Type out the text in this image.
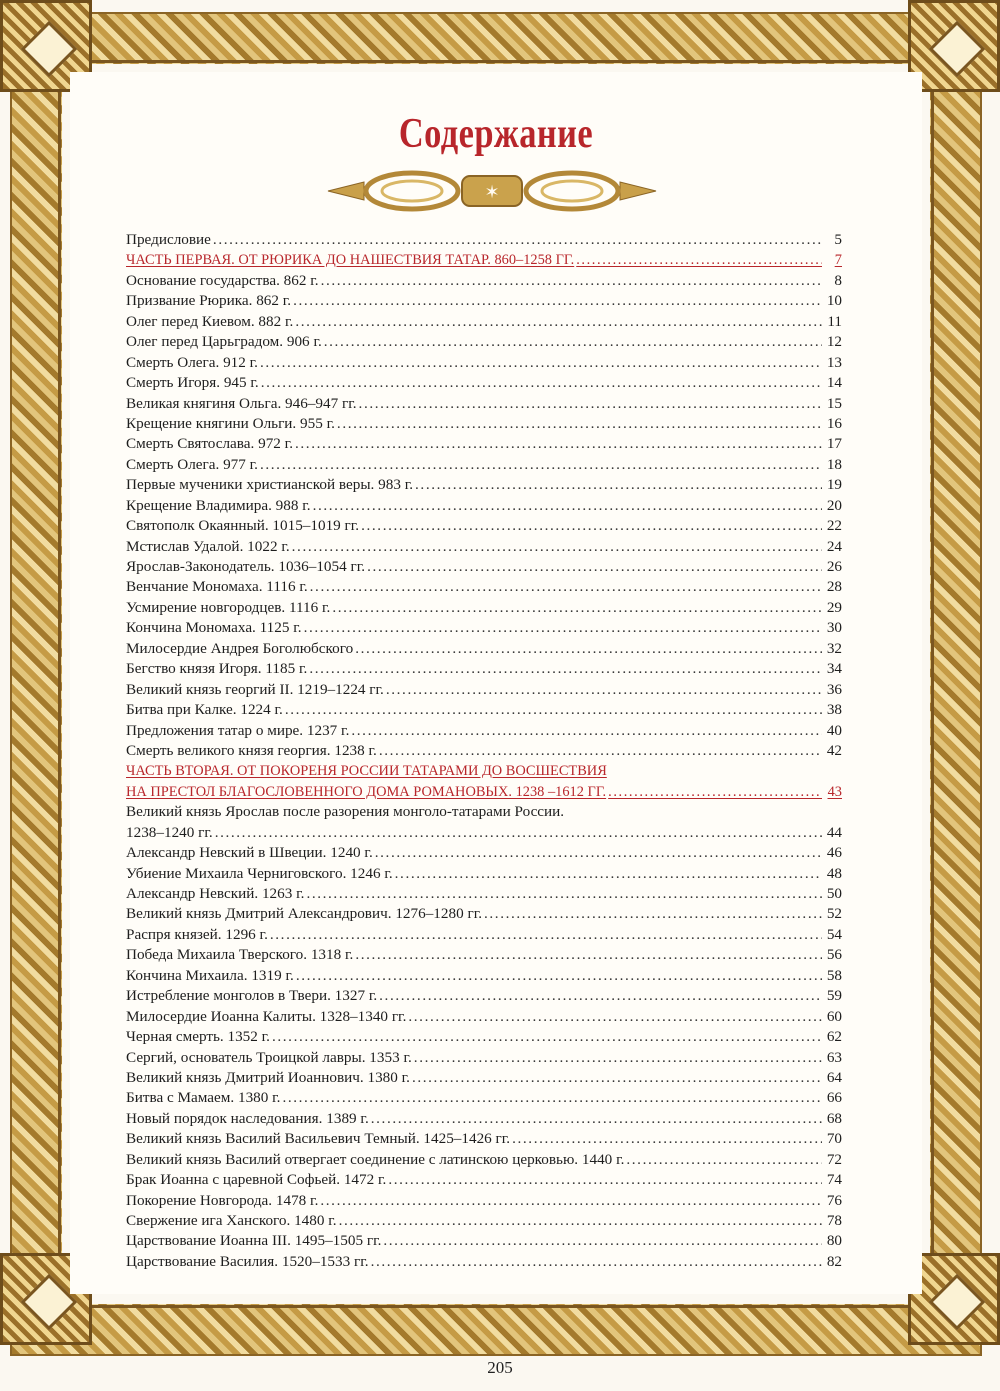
Содержание
✶
Предисловие .....	5
ЧАСТЬ ПЕРВАЯ. ОТ РЮРИКА ДО НАШЕСТВИЯ ТАТАР. 860–1258 ГГ. .....	7
Основание государства. 862 г. .....	8
Призвание Рюрика. 862 г. .....	10
Олег перед Киевом. 882 г. .....	11
Олег перед Царьградом. 906 г. .....	12
Смерть Олега. 912 г. .....	13
Смерть Игоря. 945 г. .....	14
Великая княгиня Ольга. 946–947 гг. .....	15
Крещение княгини Ольги. 955 г. .....	16
Смерть Святослава. 972 г. .....	17
Смерть Олега. 977 г. .....	18
Первые мученики христианской веры. 983 г. .....	19
Крещение Владимира. 988 г. .....	20
Святополк Окаянный. 1015–1019 гг. .....	22
Мстислав Удалой. 1022 г. .....	24
Ярослав-Законодатель. 1036–1054 гг. .....	26
Венчание Мономаха. 1116 г. .....	28
Усмирение новгородцев. 1116 г. .....	29
Кончина Мономаха. 1125 г. .....	30
Милосердие Андрея Боголюбского .....	32
Бегство князя Игоря. 1185 г. .....	34
Великий князь георгий II. 1219–1224 гг. .....	36
Битва при Калке. 1224 г. .....	38
Предложения татар о мире. 1237 г. .....	40
Смерть великого князя георгия. 1238 г. .....	42
ЧАСТЬ ВТОРАЯ. ОТ ПОКОРЕНЯ РОССИИ ТАТАРАМИ ДО ВОСШЕСТВИЯ
НА ПРЕСТОЛ БЛАГОСЛОВЕННОГО ДОМА РОМАНОВЫХ. 1238 –1612 ГГ. .....	43
Великий князь Ярослав после разорения монголо-татарами России.
1238–1240 гг. .....	44
Александр Невский в Швеции. 1240 г. .....	46
Убиение Михаила Черниговского. 1246 г. .....	48
Александр Невский. 1263 г. .....	50
Великий князь Дмитрий Александрович. 1276–1280 гг. .....	52
Распря князей. 1296 г. .....	54
Победа Михаила Тверского. 1318 г. .....	56
Кончина Михаила. 1319 г. .....	58
Истребление монголов в Твери. 1327 г. .....	59
Милосердие Иоанна Калиты. 1328–1340 гг. .....	60
Черная смерть. 1352 г. .....	62
Сергий, основатель Троицкой лавры. 1353 г. .....	63
Великий князь Дмитрий Иоаннович. 1380 г. .....	64
Битва с Мамаем. 1380 г. .....	66
Новый порядок наследования. 1389 г. .....	68
Великий князь Василий Васильевич Темный. 1425–1426 гг. .....	70
Великий князь Василий отвергает соединение с латинскою церковью. 1440 г. .....	72
Брак Иоанна с царевной Софьей. 1472 г. .....	74
Покорение Новгорода. 1478 г. .....	76
Свержение ига Ханского. 1480 г. .....	78
Царствование Иоанна III. 1495–1505 гг. .....	80
Царствование Василия. 1520–1533 гг. .....	82
205
